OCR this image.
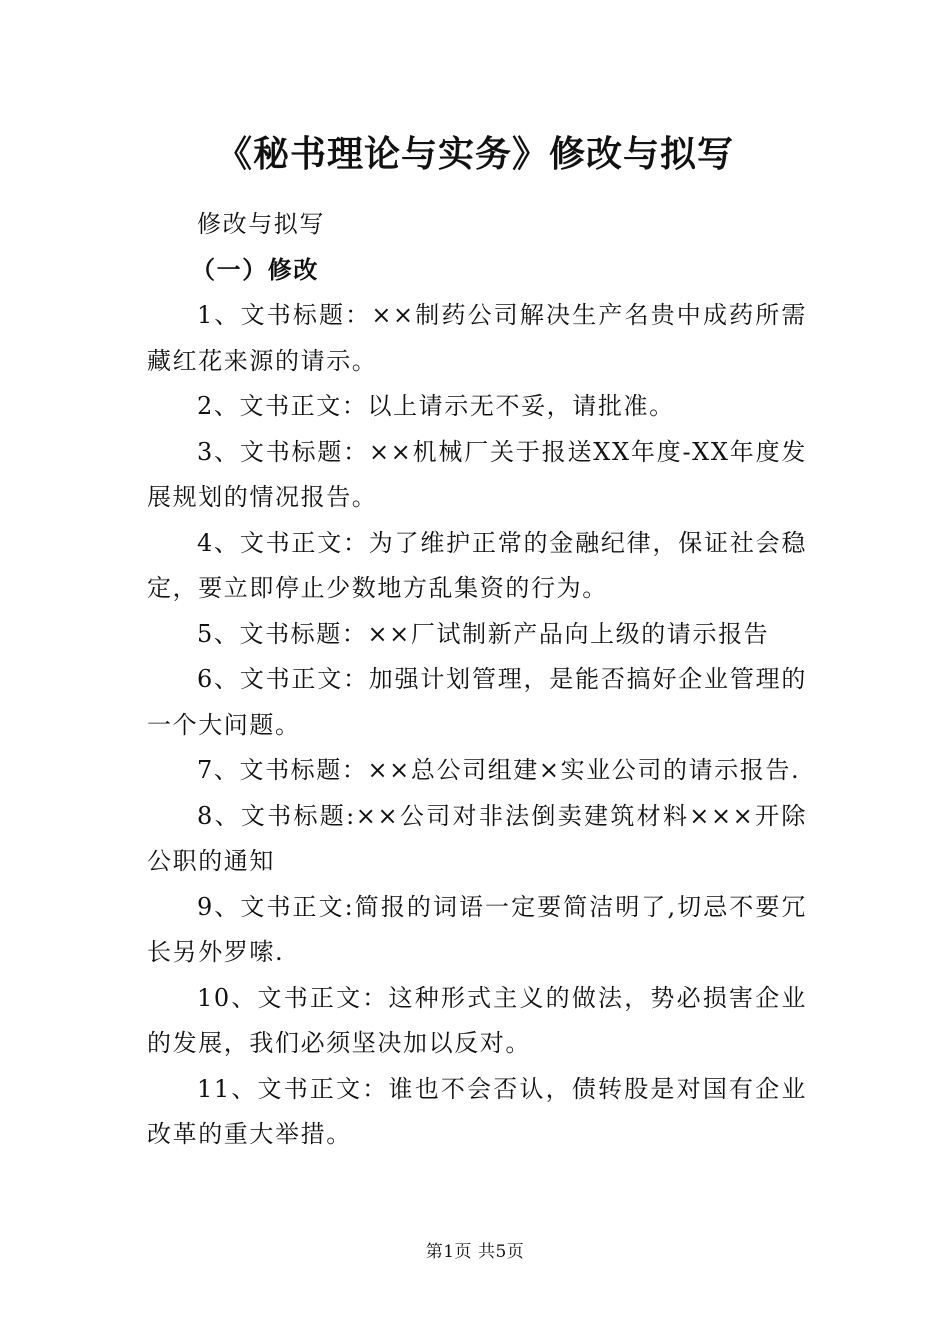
《秘书理论与实务》修改与拟写

修改与拟写

（一）修改

1、文书标题：××制药公司解决生产名贵中成药所需藏红花来源的请示。

2、文书正文：以上请示无不妥，请批准。

3、文书标题：××机械厂关于报送XX年度-XX年度发展规划的情况报告。

4、文书正文：为了维护正常的金融纪律，保证社会稳定，要立即停止少数地方乱集资的行为。

5、文书标题：××厂试制新产品向上级的请示报告

6、文书正文：加强计划管理，是能否搞好企业管理的一个大问题。

7、文书标题：××总公司组建×实业公司的请示报告.

8、文书标题:××公司对非法倒卖建筑材料×××开除公职的通知

9、文书正文:简报的词语一定要简洁明了,切忌不要冗长另外罗嗦.

10、文书正文：这种形式主义的做法，势必损害企业的发展，我们必须坚决加以反对。

11、文书正文：谁也不会否认，债转股是对国有企业改革的重大举措。

第1页 共5页
